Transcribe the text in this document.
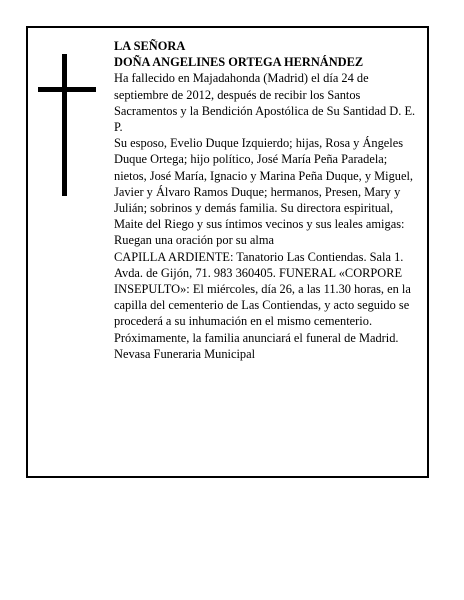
LA SEÑORA

DOÑA ANGELINES ORTEGA HERNÁNDEZ

Ha fallecido en Majadahonda (Madrid) el día 24 de septiembre de 2012, después de recibir los Santos Sacramentos y la Bendición Apostólica de Su Santidad D. E. P.

Su esposo, Evelio Duque Izquierdo; hijas, Rosa y Ángeles Duque Ortega; hijo político, José María Peña Paradela; nietos, José María, Ignacio y Marina Peña Duque, y Miguel, Javier y Álvaro Ramos Duque; hermanos, Presen, Mary y Julián; sobrinos y demás familia. Su directora espiritual, Maite del Riego y sus íntimos vecinos y sus leales amigas:

Ruegan una oración por su alma

CAPILLA ARDIENTE: Tanatorio Las Contiendas. Sala 1. Avda. de Gijón, 71. 983 360405. FUNERAL «CORPORE INSEPULTO»: El miércoles, día 26, a las 11.30 horas, en la capilla del cementerio de Las Contiendas, y acto seguido se procederá a su inhumación en el mismo cementerio.

Próximamente, la familia anunciará el funeral de Madrid.

Nevasa Funeraria Municipal
